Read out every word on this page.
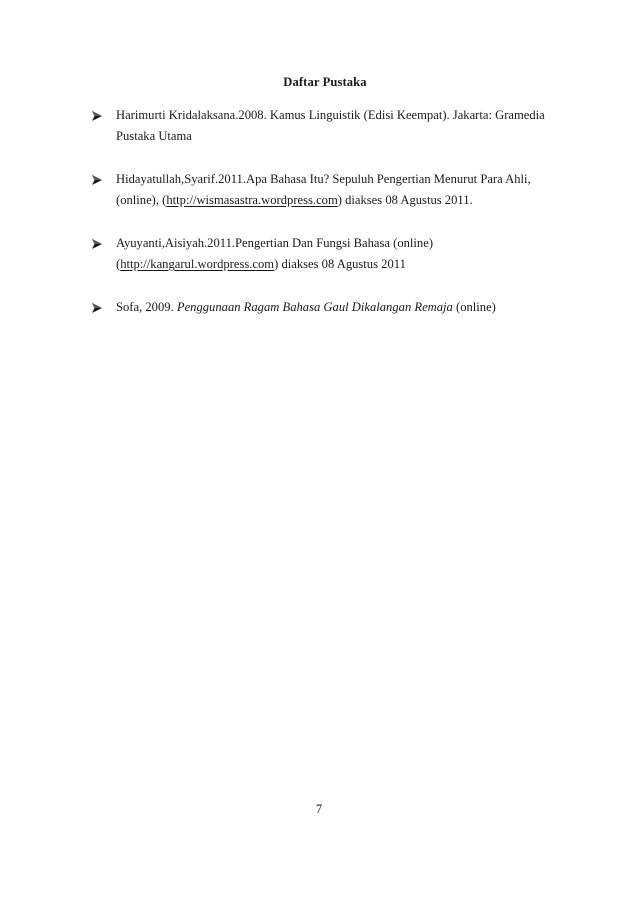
Daftar Pustaka
Harimurti Kridalaksana.2008. Kamus Linguistik (Edisi Keempat). Jakarta: Gramedia Pustaka Utama
Hidayatullah,Syarif.2011.Apa Bahasa Itu? Sepuluh Pengertian Menurut Para Ahli,(online), (http://wismasastra.wordpress.com) diakses 08 Agustus 2011.
Ayuyanti,Aisiyah.2011.Pengertian Dan Fungsi Bahasa (online) (http://kangarul.wordpress.com) diakses 08 Agustus 2011
Sofa, 2009. Penggunaan Ragam Bahasa Gaul Dikalangan Remaja (online)
7
